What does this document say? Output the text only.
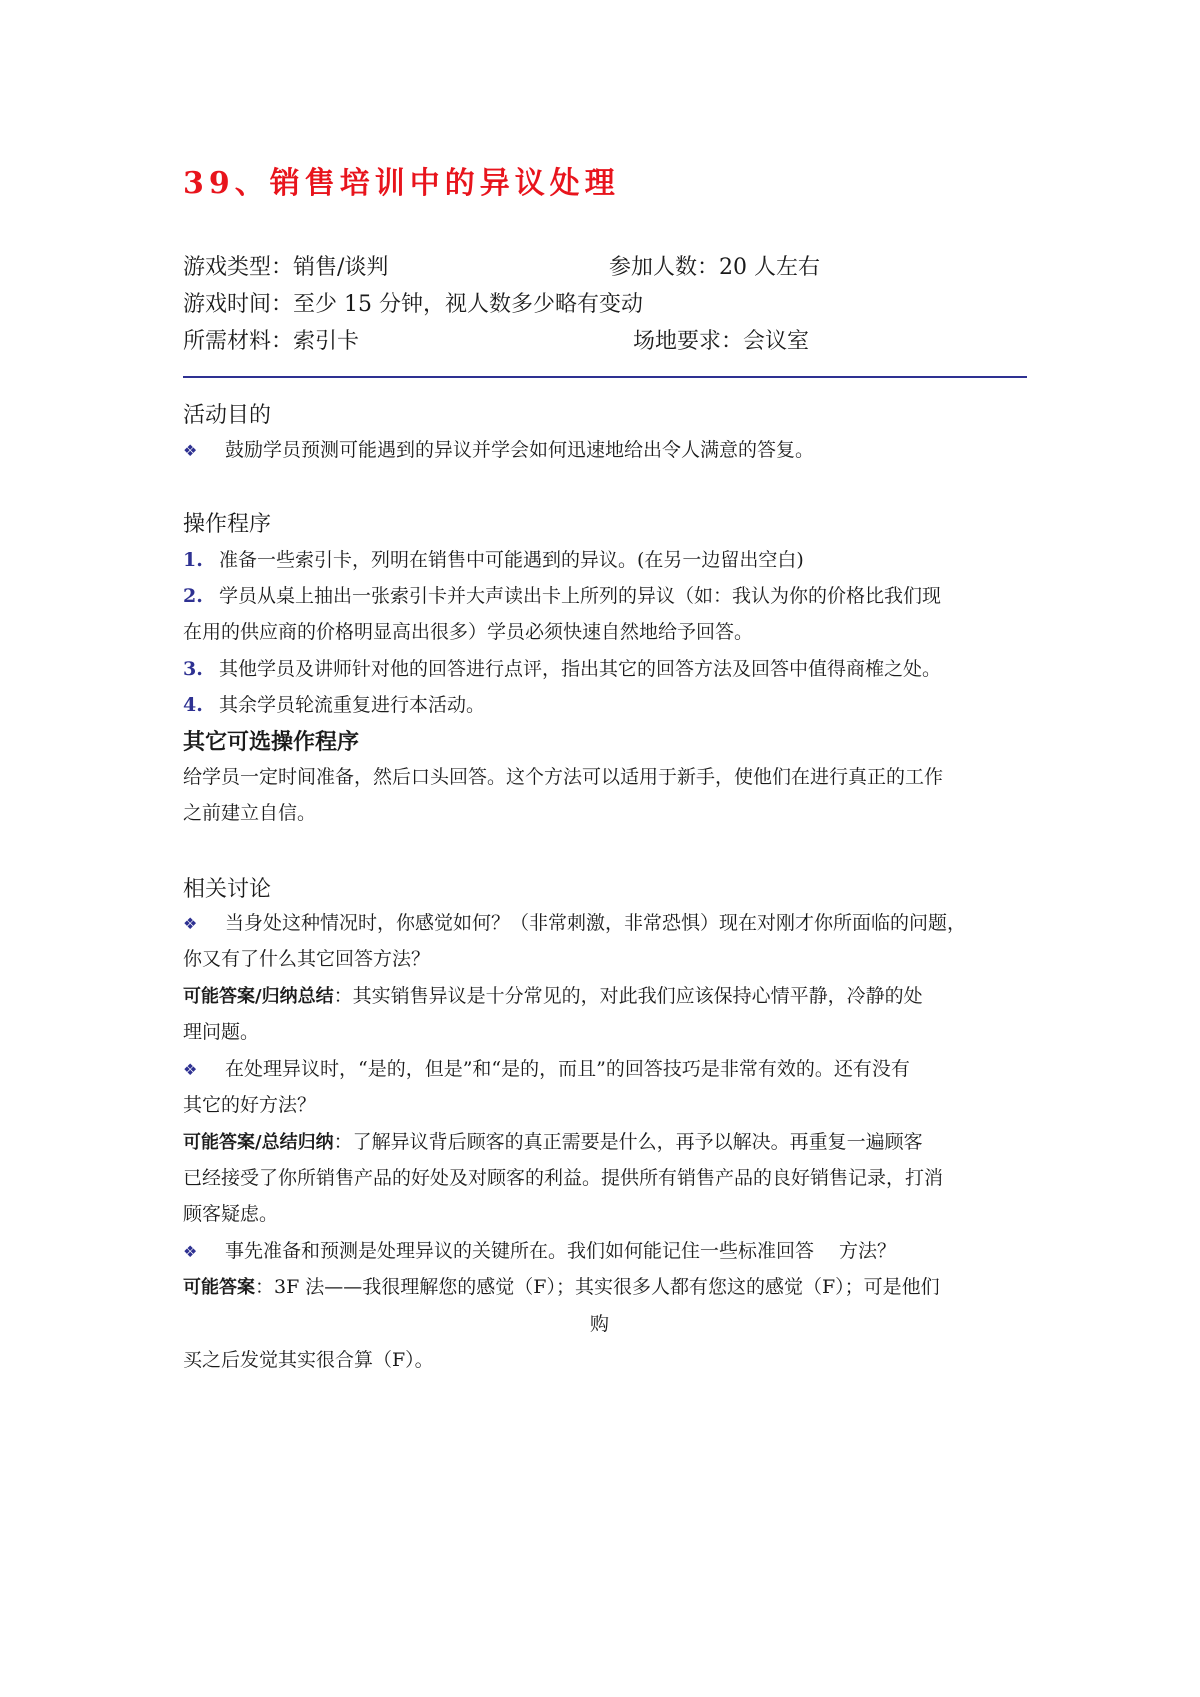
39、销售培训中的异议处理
游戏类型：销售/谈判	参加人数：20 人左右
游戏时间：至少 15 分钟，视人数多少略有变动
所需材料：索引卡	场地要求：会议室
活动目的
❖ 鼓励学员预测可能遇到的异议并学会如何迅速地给出令人满意的答复。
操作程序
1. 准备一些索引卡，列明在销售中可能遇到的异议。(在另一边留出空白)
2. 学员从桌上抽出一张索引卡并大声读出卡上所列的异议（如：我认为你的价格比我们现
在用的供应商的价格明显高出很多）学员必须快速自然地给予回答。
3. 其他学员及讲师针对他的回答进行点评，指出其它的回答方法及回答中值得商榷之处。
4. 其余学员轮流重复进行本活动。
其它可选操作程序
给学员一定时间准备，然后口头回答。这个方法可以适用于新手，使他们在进行真正的工作
之前建立自信。
相关讨论
❖ 当身处这种情况时，你感觉如何？（非常刺激，非常恐惧）现在对刚才你所面临的问题，
你又有了什么其它回答方法？
可能答案/归纳总结：其实销售异议是十分常见的，对此我们应该保持心情平静，冷静的处
理问题。
❖ 在处理异议时，“是的，但是”和“是的，而且”的回答技巧是非常有效的。还有没有
其它的好方法？
可能答案/总结归纳：了解异议背后顾客的真正需要是什么，再予以解决。再重复一遍顾客
已经接受了你所销售产品的好处及对顾客的利益。提供所有销售产品的良好销售记录，打消
顾客疑虑。
❖ 事先准备和预测是处理异议的关键所在。我们如何能记住一些标准回答　 方法？
可能答案：3F 法——我很理解您的感觉（F）；其实很多人都有您这的感觉（F）；可是他们
购
买之后发觉其实很合算（F）。
